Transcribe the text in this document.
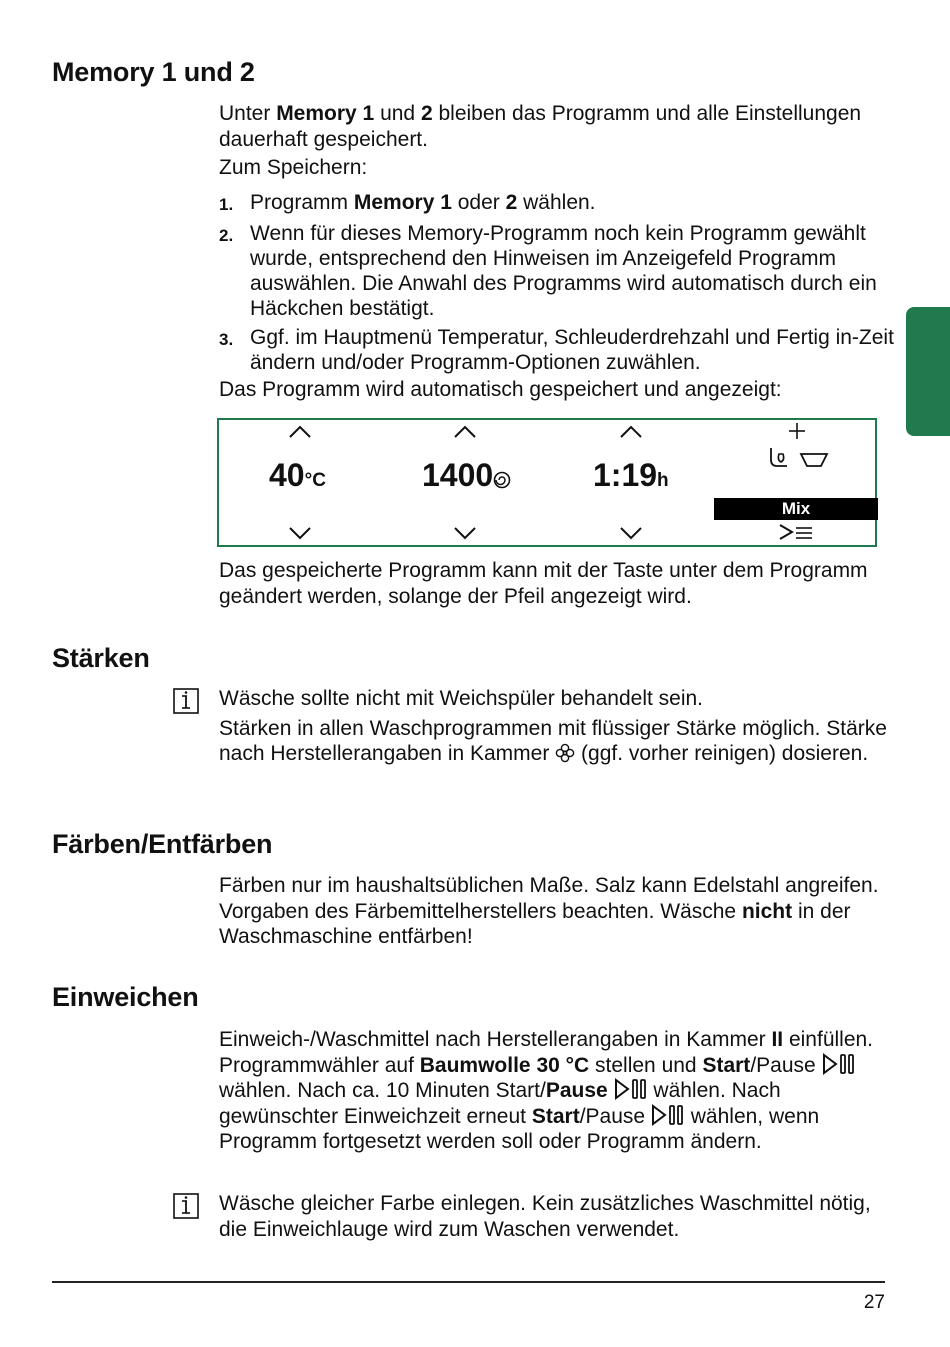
Memory 1 und 2

Unter Memory 1 und 2 bleiben das Programm und alle Einstellungen dauerhaft gespeichert.

Zum Speichern:

1. Programm Memory 1 oder 2 wählen.
2. Wenn für dieses Memory-Programm noch kein Programm gewählt wurde, entsprechend den Hinweisen im Anzeigefeld Programm auswählen. Die Anwahl des Programms wird automatisch durch ein Häckchen bestätigt.
3. Ggf. im Hauptmenü Temperatur, Schleuderdrehzahl und Fertig in-Zeit ändern und/oder Programm-Optionen zuwählen.
Das Programm wird automatisch gespeichert und angezeigt:
40°C	1400	1:19h
Mix
Das gespeicherte Programm kann mit der Taste unter dem Programm geändert werden, solange der Pfeil angezeigt wird.
Stärken

Wäsche sollte nicht mit Weichspüler behandelt sein.

Stärken in allen Waschprogrammen mit flüssiger Stärke möglich. Stärke nach Herstellerangaben in Kammer  (ggf. vorher reinigen) dosieren.

Färben/Entfärben

Färben nur im haushaltsüblichen Maße. Salz kann Edelstahl angreifen. Vorgaben des Färbemittelherstellers beachten. Wäsche nicht in der Waschmaschine entfärben!

Einweichen

Einweich-/Waschmittel nach Herstellerangaben in Kammer II einfüllen. Programmwähler auf Baumwolle 30 °C stellen und Start/Pause  wählen. Nach ca. 10 Minuten Start/Pause  wählen. Nach gewünschter Einweichzeit erneut Start/Pause  wählen, wenn Programm fortgesetzt werden soll oder Programm ändern.

Wäsche gleicher Farbe einlegen. Kein zusätzliches Waschmittel nötig, die Einweichlauge wird zum Waschen verwendet.
27
